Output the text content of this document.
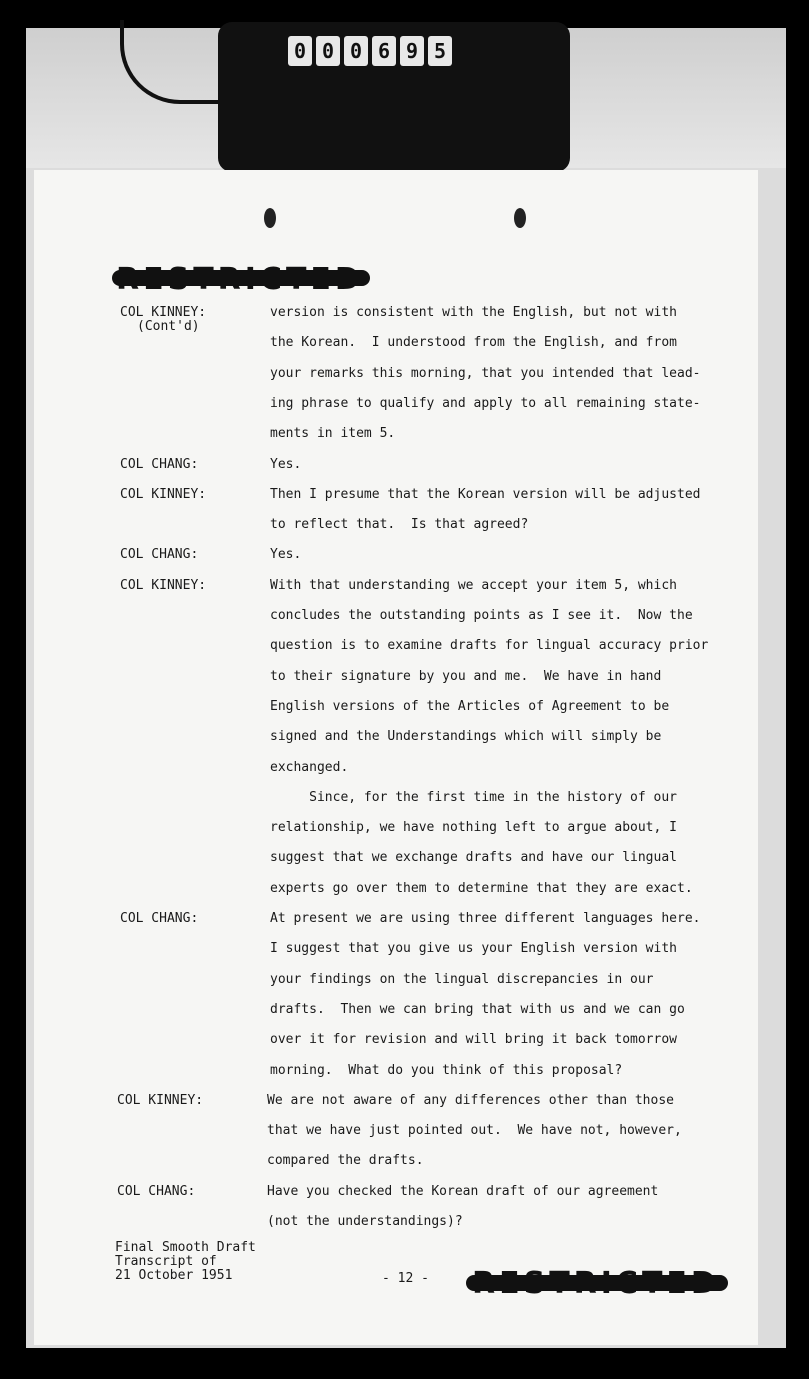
0 0 0 6 9 5
COL KINNEY:
(Cont'd)
version is consistent with the English, but not with
the Korean.  I understood from the English, and from
your remarks this morning, that you intended that lead-
ing phrase to qualify and apply to all remaining state-
ments in item 5.
COL CHANG:	Yes.
COL KINNEY:	Then I presume that the Korean version will be adjusted
to reflect that.  Is that agreed?
COL CHANG:	Yes.
COL KINNEY:	With that understanding we accept your item 5, which
concludes the outstanding points as I see it.  Now the
question is to examine drafts for lingual accuracy prior
to their signature by you and me.  We have in hand
English versions of the Articles of Agreement to be
signed and the Understandings which will simply be
exchanged.
Since, for the first time in the history of our
relationship, we have nothing left to argue about, I
suggest that we exchange drafts and have our lingual
experts go over them to determine that they are exact.
COL CHANG:	At present we are using three different languages here.
I suggest that you give us your English version with
your findings on the lingual discrepancies in our
drafts.  Then we can bring that with us and we can go
over it for revision and will bring it back tomorrow
morning.  What do you think of this proposal?
COL KINNEY:	We are not aware of any differences other than those
that we have just pointed out.  We have not, however,
compared the drafts.
COL CHANG:	Have you checked the Korean draft of our agreement
(not the understandings)?
Final Smooth Draft
Transcript of
21 October 1951	- 12 -
